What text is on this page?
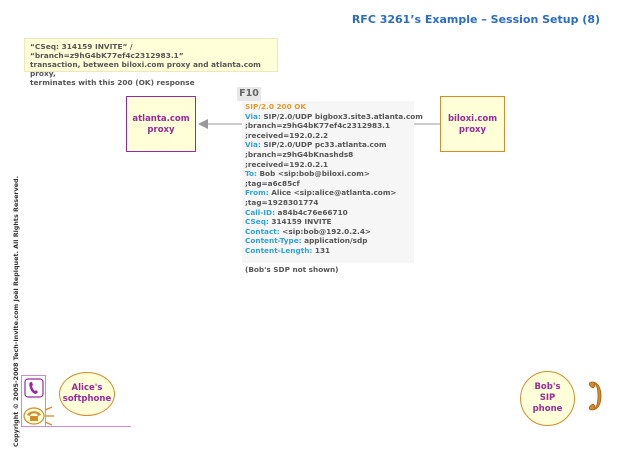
RFC 3261’s Example – Session Setup (8)
“CSeq: 314159 INVITE” / “branch=z9hG4bK77ef4c2312983.1”
transaction, between biloxi.com proxy and atlanta.com proxy,
terminates with this 200 (OK) response
atlanta.com
proxy
biloxi.com
proxy
F10
SIP/2.0 200 OK
Via: SIP/2.0/UDP bigbox3.site3.atlanta.com
;branch=z9hG4bK77ef4c2312983.1
;received=192.0.2.2
Via: SIP/2.0/UDP pc33.atlanta.com
;branch=z9hG4bKnashds8
;received=192.0.2.1
To: Bob <sip:bob@biloxi.com>
;tag=a6c85cf
From: Alice <sip:alice@atlanta.com>
;tag=1928301774
Call-ID: a84b4c76e66710
CSeq: 314159 INVITE
Contact: <sip:bob@192.0.2.4>
Content-Type: application/sdp
Content-Length: 131
(Bob's SDP not shown)
Copyright © 2005-2008 Tech-invite.com Joël Repiquet. All Rights Reserved.	Alice's
softphone
Bob's
SIP
phone
